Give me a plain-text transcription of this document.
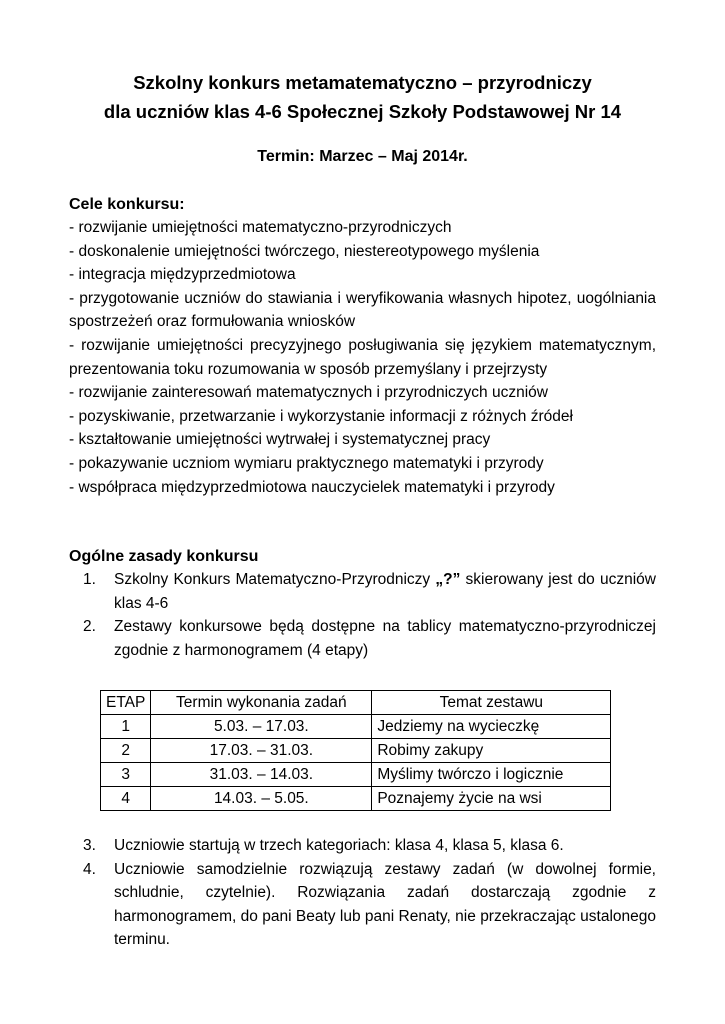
Szkolny konkurs metamatematyczno – przyrodniczy
dla uczniów klas 4-6 Społecznej Szkoły Podstawowej Nr 14
Termin: Marzec – Maj 2014r.
Cele konkursu:

- rozwijanie umiejętności matematyczno-przyrodniczych

- doskonalenie umiejętności twórczego, niestereotypowego myślenia

- integracja międzyprzedmiotowa

- przygotowanie uczniów do stawiania i weryfikowania własnych hipotez, uogólniania spostrzeżeń oraz formułowania wniosków

- rozwijanie umiejętności precyzyjnego posługiwania się językiem matematycznym, prezentowania toku rozumowania w sposób przemyślany i przejrzysty

- rozwijanie zainteresowań matematycznych i przyrodniczych uczniów

- pozyskiwanie, przetwarzanie i wykorzystanie informacji z różnych źródeł

- kształtowanie umiejętności wytrwałej i systematycznej pracy

- pokazywanie uczniom wymiaru praktycznego matematyki i przyrody

- współpraca międzyprzedmiotowa nauczycielek matematyki i przyrody

Ogólne zasady konkursu
1.	Szkolny Konkurs Matematyczno-Przyrodniczy „?” skierowany jest do uczniów klas 4-6
2.	Zestawy konkursowe będą dostępne na tablicy matematyczno-przyrodniczej zgodnie z harmonogramem (4 etapy)
ETAP	Termin wykonania zadań	Temat zestawu
1	5.03. – 17.03.	Jedziemy na wycieczkę
2	17.03. – 31.03.	Robimy zakupy
3	31.03. – 14.03.	Myślimy twórczo i logicznie
4	14.03. – 5.05.	Poznajemy życie na wsi
3.	Uczniowie startują w trzech kategoriach: klasa 4, klasa 5, klasa 6.
4.	Uczniowie samodzielnie rozwiązują zestawy zadań (w dowolnej formie, schludnie, czytelnie). Rozwiązania zadań dostarczają zgodnie z harmonogramem, do pani Beaty lub pani Renaty, nie przekraczając ustalonego terminu.
